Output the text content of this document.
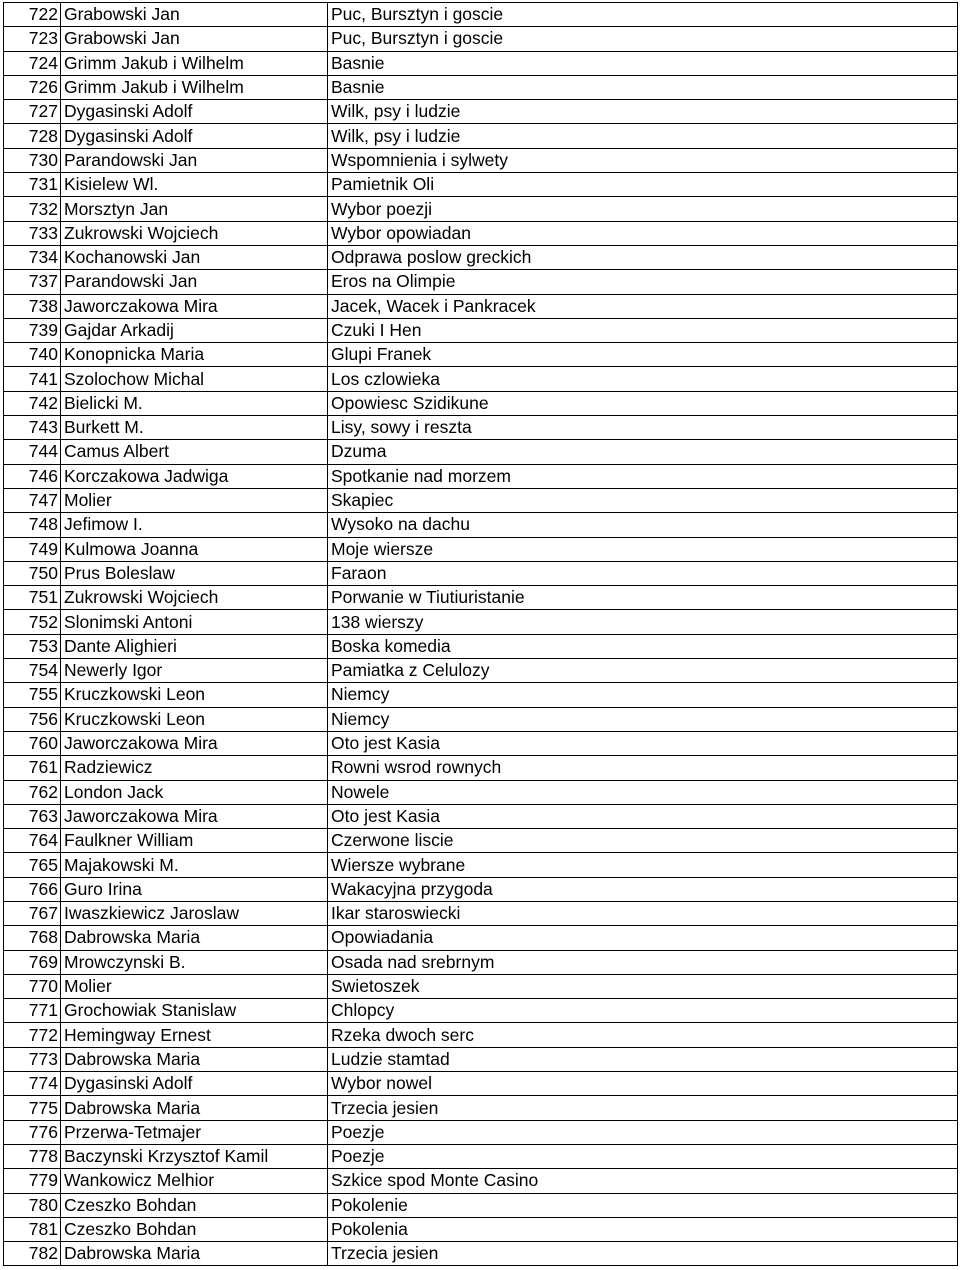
722	Grabowski Jan	Puc, Bursztyn i goscie
723	Grabowski Jan	Puc, Bursztyn i goscie
724	Grimm Jakub i Wilhelm	Basnie
726	Grimm Jakub i Wilhelm	Basnie
727	Dygasinski Adolf	Wilk, psy i ludzie
728	Dygasinski Adolf	Wilk, psy i ludzie
730	Parandowski Jan	Wspomnienia i sylwety
731	Kisielew Wl.	Pamietnik Oli
732	Morsztyn Jan	Wybor poezji
733	Zukrowski Wojciech	Wybor opowiadan
734	Kochanowski Jan	Odprawa poslow greckich
737	Parandowski Jan	Eros na Olimpie
738	Jaworczakowa Mira	Jacek, Wacek i Pankracek
739	Gajdar Arkadij	Czuki I Hen
740	Konopnicka Maria	Glupi Franek
741	Szolochow Michal	Los czlowieka
742	Bielicki M.	Opowiesc Szidikune
743	Burkett M.	Lisy, sowy i reszta
744	Camus Albert	Dzuma
746	Korczakowa Jadwiga	Spotkanie nad morzem
747	Molier	Skapiec
748	Jefimow I.	Wysoko na dachu
749	Kulmowa Joanna	Moje wiersze
750	Prus Boleslaw	Faraon
751	Zukrowski Wojciech	Porwanie w Tiutiuristanie
752	Slonimski Antoni	138 wierszy
753	Dante Alighieri	Boska komedia
754	Newerly Igor	Pamiatka z Celulozy
755	Kruczkowski Leon	Niemcy
756	Kruczkowski Leon	Niemcy
760	Jaworczakowa Mira	Oto jest Kasia
761	Radziewicz	Rowni wsrod rownych
762	London Jack	Nowele
763	Jaworczakowa Mira	Oto jest Kasia
764	Faulkner William	Czerwone liscie
765	Majakowski M.	Wiersze wybrane
766	Guro Irina	Wakacyjna przygoda
767	Iwaszkiewicz Jaroslaw	Ikar staroswiecki
768	Dabrowska Maria	Opowiadania
769	Mrowczynski B.	Osada nad srebrnym
770	Molier	Swietoszek
771	Grochowiak Stanislaw	Chlopcy
772	Hemingway Ernest	Rzeka dwoch serc
773	Dabrowska Maria	Ludzie stamtad
774	Dygasinski Adolf	Wybor nowel
775	Dabrowska Maria	Trzecia jesien
776	Przerwa-Tetmajer	Poezje
778	Baczynski Krzysztof Kamil	Poezje
779	Wankowicz Melhior	Szkice spod Monte Casino
780	Czeszko Bohdan	Pokolenie
781	Czeszko Bohdan	Pokolenia
782	Dabrowska Maria	Trzecia jesien
